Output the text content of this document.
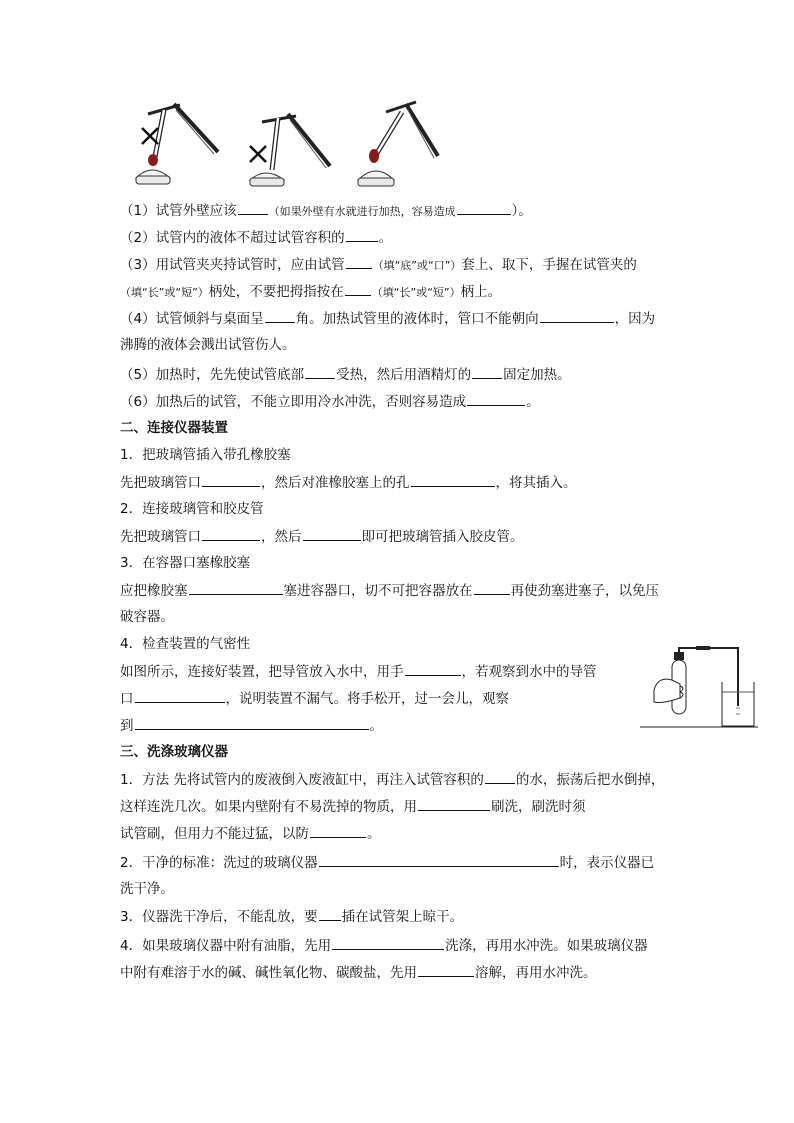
（1）试管外壁应该	（如果外壁有水就进行加热，容易造成	）。
（2）试管内的液体不超过试管容积的	。
（3）用试管夹夹持试管时，应由试管	（填“底”或“口”）套上、取下，手握在试管夹的
（填“长”或“短”）柄处，不要把拇指按在	（填“长”或“短”）柄上。
（4）试管倾斜与桌面呈 角。加热试管里的液体时，管口不能朝向	，因为
沸腾的液体会溅出试管伤人。
（5）加热时，先先使试管底部 受热，然后用酒精灯的 固定加热。
（6）加热后的试管，不能立即用冷水冲洗，否则容易造成	。
二、连接仪器装置
1．把玻璃管插入带孔橡胶塞
先把玻璃管口	，然后对准橡胶塞上的孔	，将其插入。
2．连接玻璃管和胶皮管
先把玻璃管口	，然后	即可把玻璃管插入胶皮管。
3．在容器口塞橡胶塞
应把橡胶塞	塞进容器口，切不可把容器放在	再使劲塞进塞子，以免压
破容器。
4．检查装置的气密性
如图所示，连接好装置，把导管放入水中，用手	，若观察到水中的导管
口	，说明装置不漏气。将手松开，过一会儿，观察
到	。
三、洗涤玻璃仪器
1．方法 先将试管内的废液倒入废液缸中，再注入试管容积的 的水，振荡后把水倒掉，
这样连洗几次。如果内壁附有不易洗掉的物质，用	刷洗，刷洗时须
试管刷，但用力不能过猛，以防	。
2．干净的标准：洗过的玻璃仪器	时，表示仪器已
洗干净。
3．仪器洗干净后，不能乱放，要 插在试管架上晾干。
4．如果玻璃仪器中附有油脂，先用	洗涤，再用水冲洗。如果玻璃仪器
中附有难溶于水的碱、碱性氧化物、碳酸盐，先用	溶解，再用水冲洗。
